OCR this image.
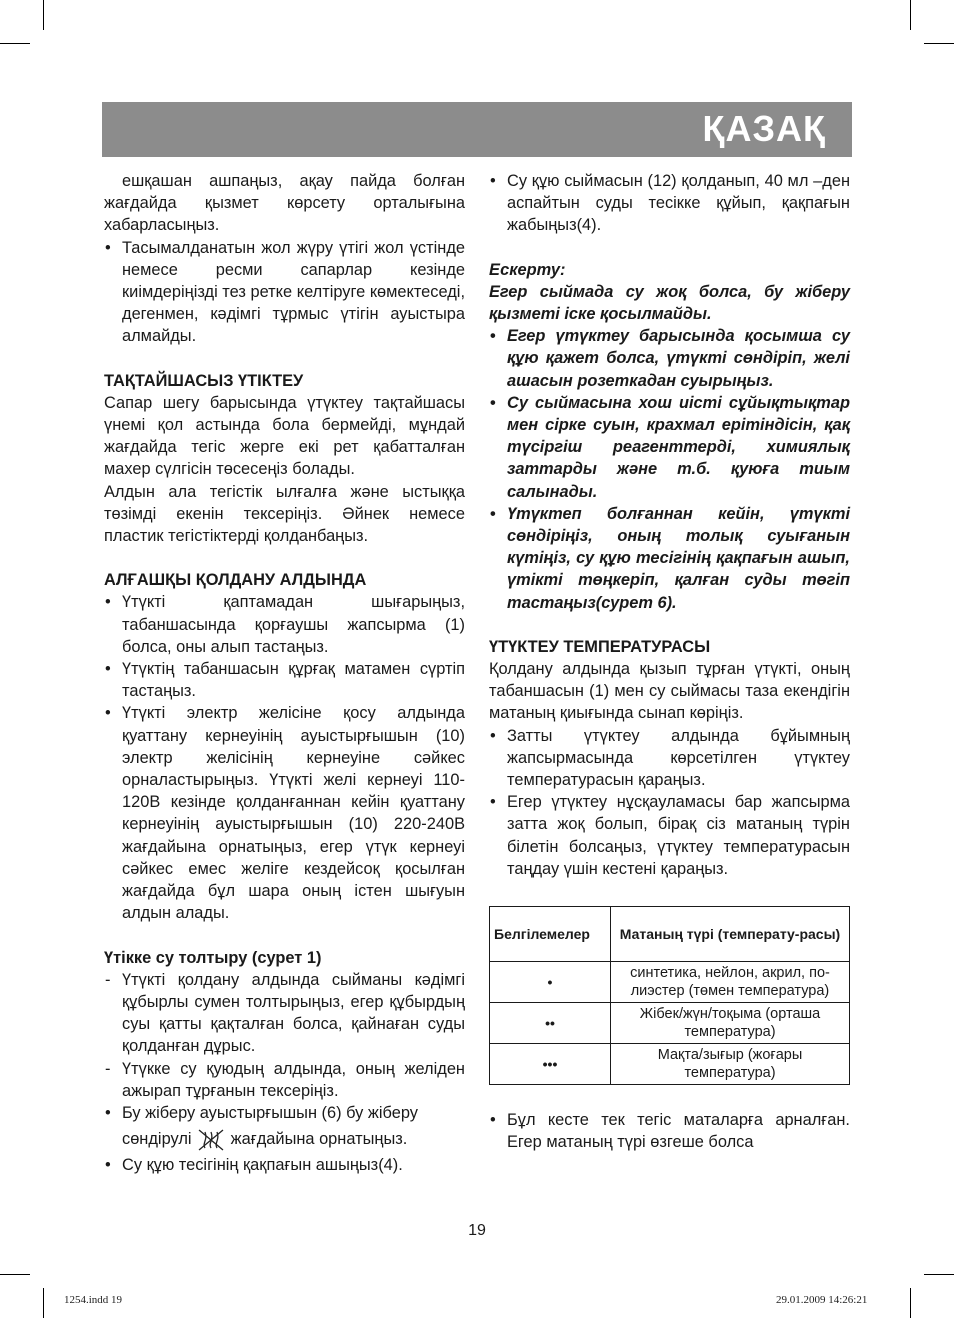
ҚАЗАҚ

ешқашан ашпаңыз, ақау пайда болған жағдайда қызмет көрсету орталығына хабарласыңыз.

• Тасымалданатын жол жүру үтігі жол үстінде немесе ресми сапарлар кезінде киімдеріңізді тез ретке келтіруге көмектеседі, дегенмен, кәдімгі тұрмыс үтігін ауыстыра алмайды.

ТАҚТАЙШАСЫЗ ҮТІКТЕУ

Сапар шегу барысында үтүктеу тақтайшасы үнемі қол астында бола бермейді, мұндай жағдайда тегіс жерге екі рет қабатталған махер сүлгісін төсесеңіз болады.

Алдын ала тегістік ылғалға және ыстыққа төзімді екенін тексеріңіз. Әйнек немесе пластик тегістіктерді қолданбаңыз.

АЛҒАШҚЫ ҚОЛДАНУ АЛДЫНДА

• Үтүкті қаптамадан шығарыңыз, табаншасында қорғаушы жапсырма (1) болса, оны алып тастаңыз.

• Үтүктің табаншасын құрғақ матамен сүртіп тастаңыз.

• Үтүкті электр желісіне қосу алдында қуаттану кернеуінің ауыстырғышын (10) электр желісінің кернеуіне сәйкес орналастырыңыз. Үтүкті желі кернеуі 110-120В кезінде қолданғаннан кейін қуаттану кернеуінің ауыстырғышын (10) 220-240В жағдайына орнатыңыз, егер үтүк кернеуі сәйкес емес желіге кездейсоқ қосылған жағдайда бұл шара оның істен шығуын алдын алады.

Үтікке су толтыру (сурет 1)

- Үтүкті қолдану алдында сыйманы кәдімгі құбырлы сумен толтырыңыз, егер құбырдың суы қатты қақталған болса, қайнаған суды қолданған дұрыс.

- Үтүкке су қуюдың алдында, оның желіден ажырап тұрғанын тексеріңіз.

• Бу жіберу ауыстырғышын (6) бу жіберу

сөндірулі жағдайына орнатыңыз.

• Су құю тесігінің қақпағын ашыңыз(4).

• Су құю сыймасын (12) қолданып, 40 мл –ден аспайтын суды тесікке құйып, қақпағын жабыңыз(4).

Ескерту:

Егер сыймада су жоқ болса, бу жіберу қызметі іске қосылмайды.

• Егер үтүктеу барысында қосымша су құю қажет болса, үтүкті сөндіріп, желі ашасын розеткадан суырыңыз.

• Су сыймасына хош иісті сұйықтықтар мен сірке суын, крахмал ерітіндісін, қақ түсіргіш реагенттерді, химиялық заттарды және т.б. қуюға тиым салынады.

• Үтүктеп болғаннан кейін, үтүкті сөндіріңіз, оның толық суығанын күтіңіз, су құю тесігінің қақпағын ашып, үтікті төңкеріп, қалған суды төгіп тастаңыз(сурет 6).

ҮТҮКТЕУ ТЕМПЕРАТУРАСЫ

Қолдану алдында қызып тұрған үтүкті, оның табаншасын (1) мен су сыймасы таза екендігін матаның қиығында сынап көріңіз.

• Затты үтүктеу алдында бұйымның жапсырмасында көрсетілген үтүктеу температурасын қараңыз.

• Егер үтүктеу нұсқауламасы бар жапсырма затта жоқ болып, бірақ сіз матаның түрін білетін болсаңыз, үтүктеу температурасын таңдау үшін кестені қараңыз.

Белгілемелер	Матаның түрі (температу-расы)
•	синтетика, нейлон, акрил, по-лиэстер (төмен температура)
••	Жібек/жүн/тоқыма (орташа температура)
•••	Мақта/зығыр (жоғары температура)

• Бұл кесте тек тегіс маталарға арналған. Егер матаның түрі өзгеше болса

19
1254.indd 19	29.01.2009 14:26:21
